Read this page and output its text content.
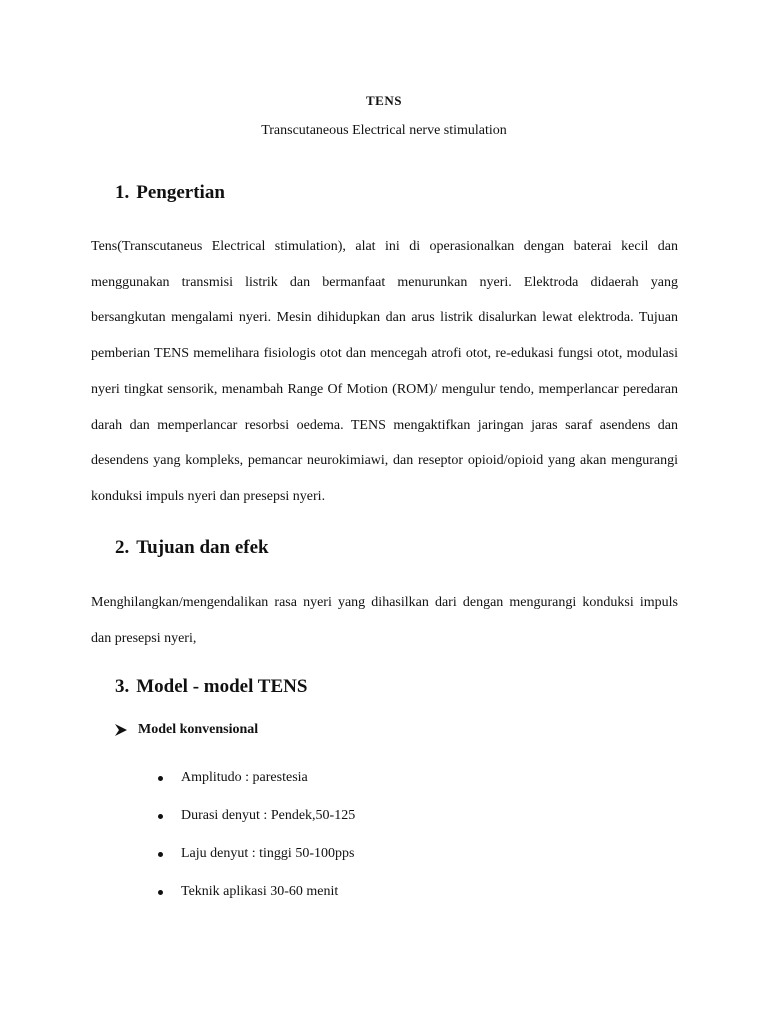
TENS
Transcutaneous Electrical nerve stimulation
1. Pengertian

Tens(Transcutaneus Electrical stimulation), alat ini di operasionalkan dengan baterai kecil dan menggunakan transmisi listrik dan bermanfaat menurunkan nyeri. Elektroda didaerah yang bersangkutan mengalami nyeri. Mesin dihidupkan dan arus listrik disalurkan lewat elektroda. Tujuan pemberian TENS memelihara fisiologis otot dan mencegah atrofi otot, re-edukasi fungsi otot, modulasi nyeri tingkat sensorik, menambah Range Of Motion (ROM)/ mengulur tendo, memperlancar peredaran darah dan memperlancar resorbsi oedema. TENS mengaktifkan jaringan jaras saraf asendens dan desendens yang kompleks, pemancar neurokimiawi, dan reseptor opioid/opioid yang akan mengurangi konduksi impuls nyeri dan presepsi nyeri.

2. Tujuan dan efek

Menghilangkan/mengendalikan rasa nyeri yang dihasilkan dari dengan mengurangi konduksi impuls dan presepsi nyeri,

3. Model - model TENS
Model konvensional
Amplitudo : parestesia
Durasi denyut : Pendek,50-125
Laju denyut : tinggi 50-100pps
Teknik aplikasi 30-60 menit
